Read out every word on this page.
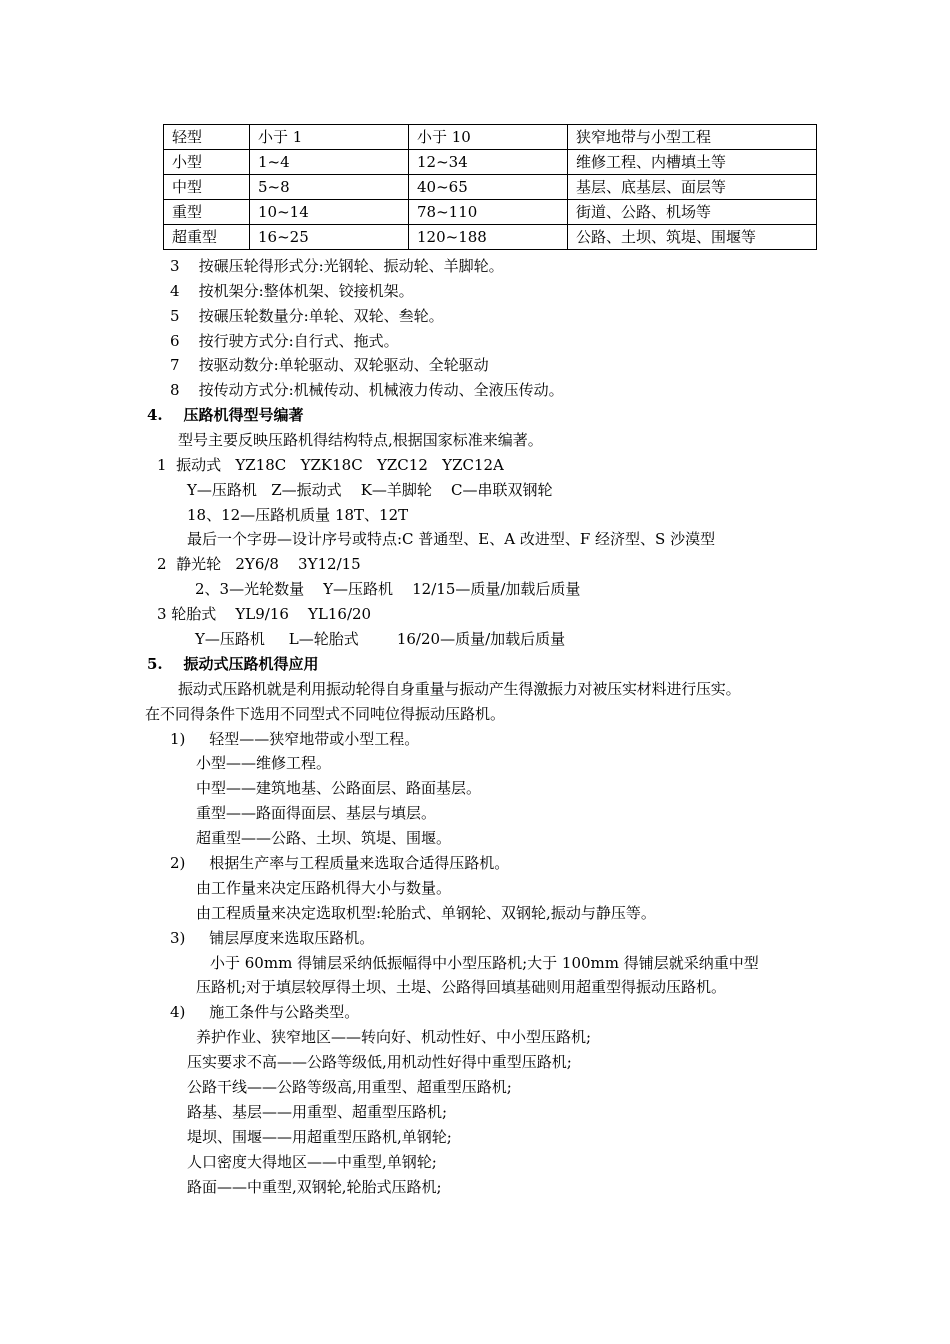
轻型	小于 1	小于 10	狭窄地带与小型工程
小型	1~4	12~34	维修工程、内槽填土等
中型	5~8	40~65	基层、底基层、面层等
重型	10~14	78~110	街道、公路、机场等
超重型	16~25	120~188	公路、土坝、筑堤、围堰等
3    按碾压轮得形式分:光钢轮、振动轮、羊脚轮。
4    按机架分:整体机架、铰接机架。
5    按碾压轮数量分:单轮、双轮、叁轮。
6    按行驶方式分:自行式、拖式。
7    按驱动数分:单轮驱动、双轮驱动、全轮驱动
8    按传动方式分:机械传动、机械液力传动、全液压传动。
4.    压路机得型号编著
型号主要反映压路机得结构特点,根据国家标准来编著。
1  振动式   YZ18C   YZK18C   YZC12   YZC12A
Y—压路机   Z—振动式    K—羊脚轮    C—串联双钢轮
18、12—压路机质量 18T、12T
最后一个字毋—设计序号或特点:C 普通型、E、A 改进型、F 经济型、S 沙漠型
2  静光轮   2Y6/8    3Y12/15
2、3—光轮数量    Y—压路机    12/15—质量/加载后质量
3 轮胎式    YL9/16    YL16/20
Y—压路机     L—轮胎式        16/20—质量/加载后质量
5.    振动式压路机得应用
振动式压路机就是利用振动轮得自身重量与振动产生得激振力对被压实材料进行压实。
在不同得条件下选用不同型式不同吨位得振动压路机。
1)     轻型——狭窄地带或小型工程。
小型——维修工程。
中型——建筑地基、公路面层、路面基层。
重型——路面得面层、基层与填层。
超重型——公路、土坝、筑堤、围堰。
2)     根据生产率与工程质量来选取合适得压路机。
由工作量来决定压路机得大小与数量。
由工程质量来决定选取机型:轮胎式、单钢轮、双钢轮,振动与静压等。
3)     铺层厚度来选取压路机。
小于 60mm 得铺层采纳低振幅得中小型压路机;大于 100mm 得铺层就采纳重中型
压路机;对于填层较厚得土坝、土堤、公路得回填基础则用超重型得振动压路机。
4)     施工条件与公路类型。
养护作业、狭窄地区——转向好、机动性好、中小型压路机;
压实要求不高——公路等级低,用机动性好得中重型压路机;
公路干线——公路等级高,用重型、超重型压路机;
路基、基层——用重型、超重型压路机;
堤坝、围堰——用超重型压路机,单钢轮;
人口密度大得地区——中重型,单钢轮;
路面——中重型,双钢轮,轮胎式压路机;
